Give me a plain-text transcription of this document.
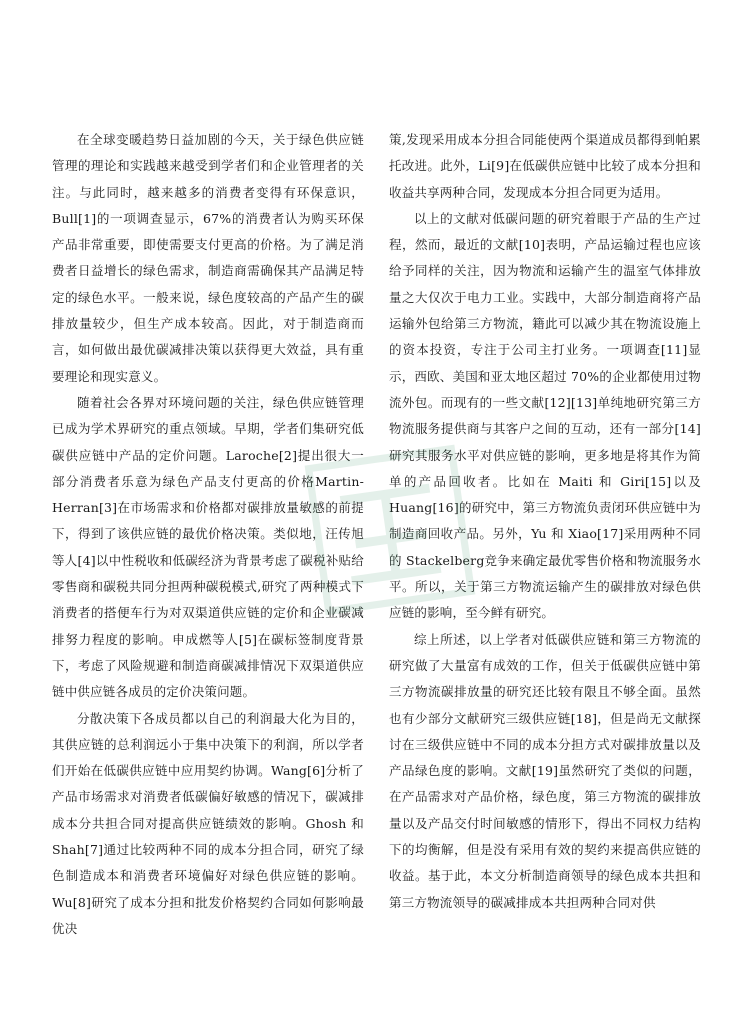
在全球变暖趋势日益加剧的今天，关于绿色供应链管理的理论和实践越来越受到学者们和企业管理者的关注。与此同时，越来越多的消费者变得有环保意识，Bull[1]的一项调查显示，67%的消费者认为购买环保产品非常重要，即使需要支付更高的价格。为了满足消费者日益增长的绿色需求，制造商需确保其产品满足特定的绿色水平。一般来说，绿色度较高的产品产生的碳排放量较少，但生产成本较高。因此，对于制造商而言，如何做出最优碳减排决策以获得更大效益，具有重要理论和现实意义。

随着社会各界对环境问题的关注，绿色供应链管理已成为学术界研究的重点领域。早期，学者们集研究低碳供应链中产品的定价问题。Laroche[2]提出很大一部分消费者乐意为绿色产品支付更高的价格Martin-Herran[3]在市场需求和价格都对碳排放量敏感的前提下，得到了该供应链的最优价格决策。类似地，汪传旭等人[4]以中性税收和低碳经济为背景考虑了碳税补贴给零售商和碳税共同分担两种碳税模式,研究了两种模式下消费者的搭便车行为对双渠道供应链的定价和企业碳减排努力程度的影响。申成燃等人[5]在碳标签制度背景下，考虑了风险规避和制造商碳减排情况下双渠道供应链中供应链各成员的定价决策问题。

分散决策下各成员都以自己的利润最大化为目的，其供应链的总利润远小于集中决策下的利润，所以学者们开始在低碳供应链中应用契约协调。Wang[6]分析了产品市场需求对消费者低碳偏好敏感的情况下，碳减排成本分共担合同对提高供应链绩效的影响。Ghosh 和Shah[7]通过比较两种不同的成本分担合同，研究了绿色制造成本和消费者环境偏好对绿色供应链的影响。Wu[8]研究了成本分担和批发价格契约合同如何影响最优决

策,发现采用成本分担合同能使两个渠道成员都得到帕累托改进。此外，Li[9]在低碳供应链中比较了成本分担和收益共享两种合同，发现成本分担合同更为适用。

以上的文献对低碳问题的研究着眼于产品的生产过程，然而，最近的文献[10]表明，产品运输过程也应该给予同样的关注，因为物流和运输产生的温室气体排放量之大仅次于电力工业。实践中，大部分制造商将产品运输外包给第三方物流，籍此可以减少其在物流设施上的资本投资，专注于公司主打业务。一项调查[11]显示，西欧、美国和亚太地区超过 70%的企业都使用过物流外包。而现有的一些文献[12][13]单纯地研究第三方物流服务提供商与其客户之间的互动，还有一部分[14]研究其服务水平对供应链的影响，更多地是将其作为简单的产品回收者。比如在 Maiti 和 Giri[15]以及 Huang[16]的研究中，第三方物流负责闭环供应链中为制造商回收产品。另外，Yu 和 Xiao[17]采用两种不同的 Stackelberg竞争来确定最优零售价格和物流服务水平。所以，关于第三方物流运输产生的碳排放对绿色供应链的影响，至今鲜有研究。

综上所述，以上学者对低碳供应链和第三方物流的研究做了大量富有成效的工作，但关于低碳供应链中第三方物流碳排放量的研究还比较有限且不够全面。虽然也有少部分文献研究三级供应链[18]，但是尚无文献探讨在三级供应链中不同的成本分担方式对碳排放量以及产品绿色度的影响。文献[19]虽然研究了类似的问题，在产品需求对产品价格，绿色度，第三方物流的碳排放量以及产品交付时间敏感的情形下，得出不同权力结构下的均衡解，但是没有采用有效的契约来提高供应链的收益。基于此，本文分析制造商领导的绿色成本共担和第三方物流领导的碳减排成本共担两种合同对供
